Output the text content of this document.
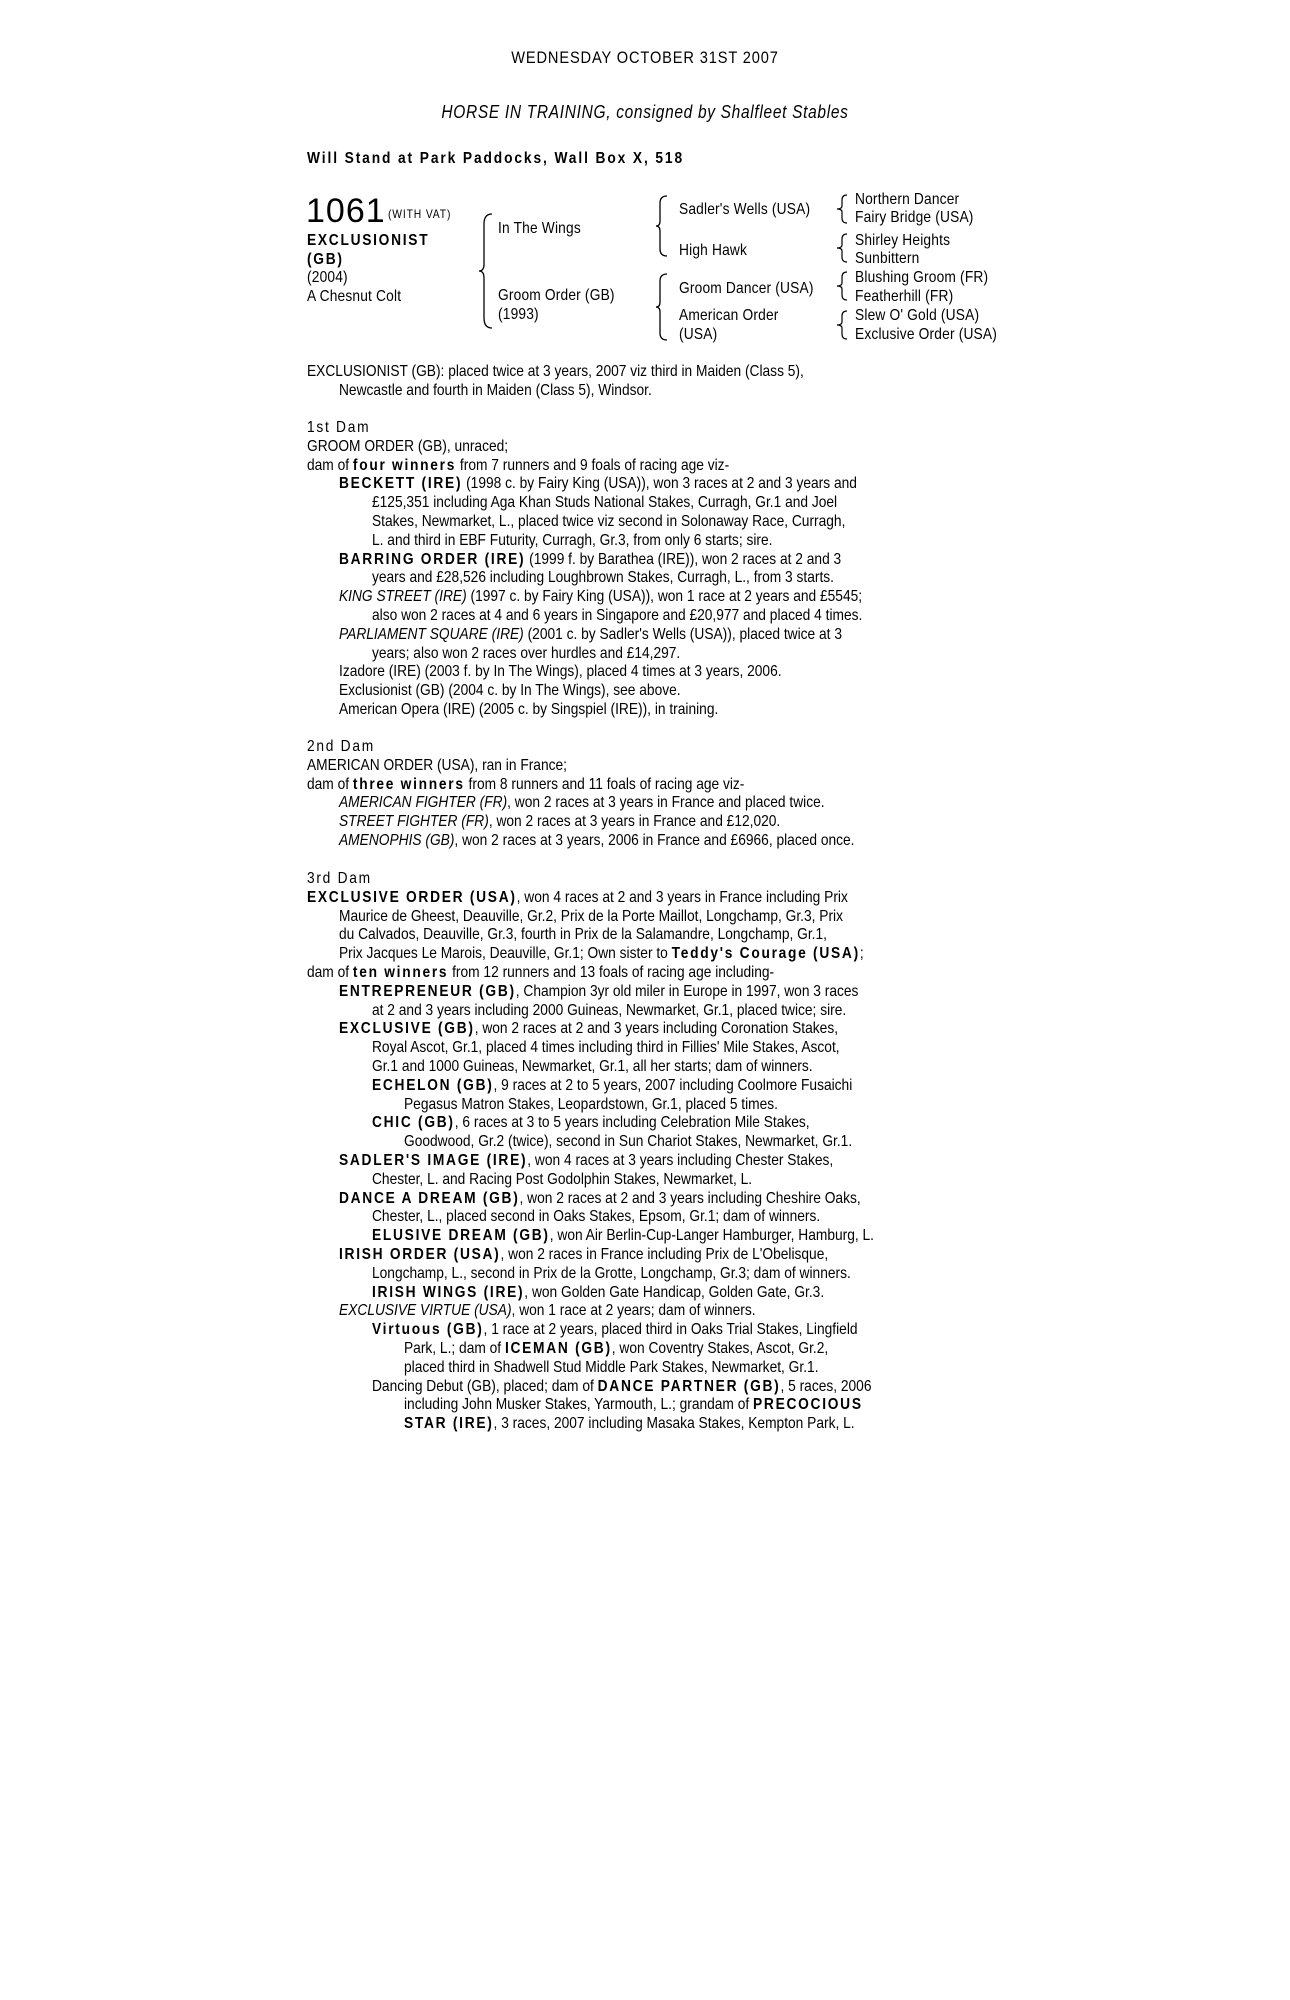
WEDNESDAY OCTOBER 31ST 2007
HORSE IN TRAINING, consigned by Shalfleet Stables
Will Stand at Park Paddocks, Wall Box X, 518
1061 (WITH VAT)
EXCLUSIONIST
(GB)
(2004)
A Chesnut Colt
In The Wings
Groom Order (GB)
(1993)
Sadler's Wells (USA)
High Hawk
Groom Dancer (USA)
American Order
(USA)
Northern Dancer
Fairy Bridge (USA)
Shirley Heights
Sunbittern
Blushing Groom (FR)
Featherhill (FR)
Slew O' Gold (USA)
Exclusive Order (USA)

EXCLUSIONIST (GB): placed twice at 3 years, 2007 viz third in Maiden (Class 5),

Newcastle and fourth in Maiden (Class 5), Windsor.

1st Dam

GROOM ORDER (GB), unraced;

dam of four winners from 7 runners and 9 foals of racing age viz-

BECKETT (IRE) (1998 c. by Fairy King (USA)), won 3 races at 2 and 3 years and

£125,351 including Aga Khan Studs National Stakes, Curragh, Gr.1 and Joel

Stakes, Newmarket, L., placed twice viz second in Solonaway Race, Curragh,

L. and third in EBF Futurity, Curragh, Gr.3, from only 6 starts; sire.

BARRING ORDER (IRE) (1999 f. by Barathea (IRE)), won 2 races at 2 and 3

years and £28,526 including Loughbrown Stakes, Curragh, L., from 3 starts.

KING STREET (IRE) (1997 c. by Fairy King (USA)), won 1 race at 2 years and £5545;

also won 2 races at 4 and 6 years in Singapore and £20,977 and placed 4 times.

PARLIAMENT SQUARE (IRE) (2001 c. by Sadler's Wells (USA)), placed twice at 3

years; also won 2 races over hurdles and £14,297.

Izadore (IRE) (2003 f. by In The Wings), placed 4 times at 3 years, 2006.

Exclusionist (GB) (2004 c. by In The Wings), see above.

American Opera (IRE) (2005 c. by Singspiel (IRE)), in training.

2nd Dam

AMERICAN ORDER (USA), ran in France;

dam of three winners from 8 runners and 11 foals of racing age viz-

AMERICAN FIGHTER (FR), won 2 races at 3 years in France and placed twice.

STREET FIGHTER (FR), won 2 races at 3 years in France and £12,020.

AMENOPHIS (GB), won 2 races at 3 years, 2006 in France and £6966, placed once.

3rd Dam

EXCLUSIVE ORDER (USA), won 4 races at 2 and 3 years in France including Prix

Maurice de Gheest, Deauville, Gr.2, Prix de la Porte Maillot, Longchamp, Gr.3, Prix

du Calvados, Deauville, Gr.3, fourth in Prix de la Salamandre, Longchamp, Gr.1,

Prix Jacques Le Marois, Deauville, Gr.1; Own sister to Teddy's Courage (USA);

dam of ten winners from 12 runners and 13 foals of racing age including-

ENTREPRENEUR (GB), Champion 3yr old miler in Europe in 1997, won 3 races

at 2 and 3 years including 2000 Guineas, Newmarket, Gr.1, placed twice; sire.

EXCLUSIVE (GB), won 2 races at 2 and 3 years including Coronation Stakes,

Royal Ascot, Gr.1, placed 4 times including third in Fillies' Mile Stakes, Ascot,

Gr.1 and 1000 Guineas, Newmarket, Gr.1, all her starts; dam of winners.

ECHELON (GB), 9 races at 2 to 5 years, 2007 including Coolmore Fusaichi

Pegasus Matron Stakes, Leopardstown, Gr.1, placed 5 times.

CHIC (GB), 6 races at 3 to 5 years including Celebration Mile Stakes,

Goodwood, Gr.2 (twice), second in Sun Chariot Stakes, Newmarket, Gr.1.

SADLER'S IMAGE (IRE), won 4 races at 3 years including Chester Stakes,

Chester, L. and Racing Post Godolphin Stakes, Newmarket, L.

DANCE A DREAM (GB), won 2 races at 2 and 3 years including Cheshire Oaks,

Chester, L., placed second in Oaks Stakes, Epsom, Gr.1; dam of winners.

ELUSIVE DREAM (GB), won Air Berlin-Cup-Langer Hamburger, Hamburg, L.

IRISH ORDER (USA), won 2 races in France including Prix de L'Obelisque,

Longchamp, L., second in Prix de la Grotte, Longchamp, Gr.3; dam of winners.

IRISH WINGS (IRE), won Golden Gate Handicap, Golden Gate, Gr.3.

EXCLUSIVE VIRTUE (USA), won 1 race at 2 years; dam of winners.

Virtuous (GB), 1 race at 2 years, placed third in Oaks Trial Stakes, Lingfield

Park, L.; dam of ICEMAN (GB), won Coventry Stakes, Ascot, Gr.2,

placed third in Shadwell Stud Middle Park Stakes, Newmarket, Gr.1.

Dancing Debut (GB), placed; dam of DANCE PARTNER (GB), 5 races, 2006

including John Musker Stakes, Yarmouth, L.; grandam of PRECOCIOUS

STAR (IRE), 3 races, 2007 including Masaka Stakes, Kempton Park, L.
